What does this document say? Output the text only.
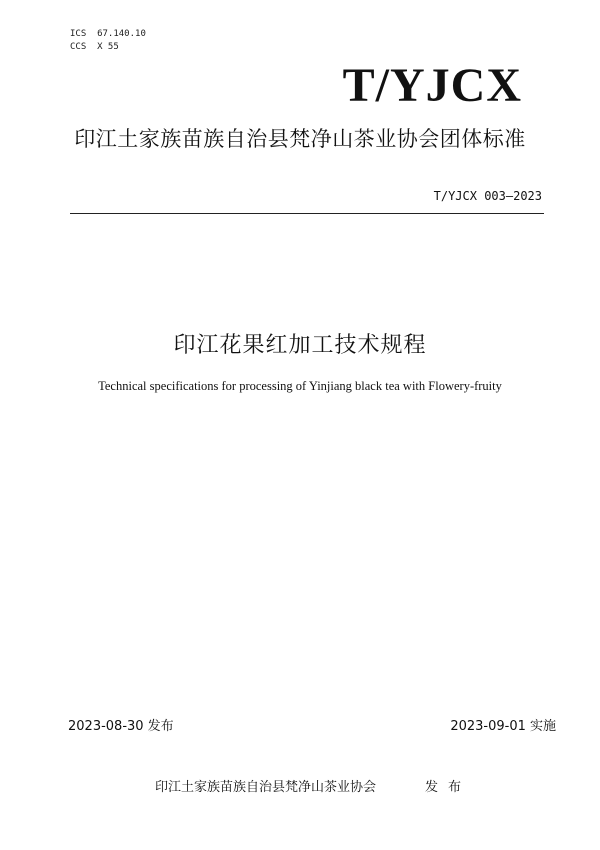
ICS  67.140.10
CCS  X 55
T/YJCX
印江土家族苗族自治县梵净山茶业协会团体标准
T/YJCX 003—2023
印江花果红加工技术规程
Technical specifications for processing of Yinjiang black tea with Flowery-fruity
2023-08-30 发布	2023-09-01 实施
印江土家族苗族自治县梵净山茶业协会	发布
